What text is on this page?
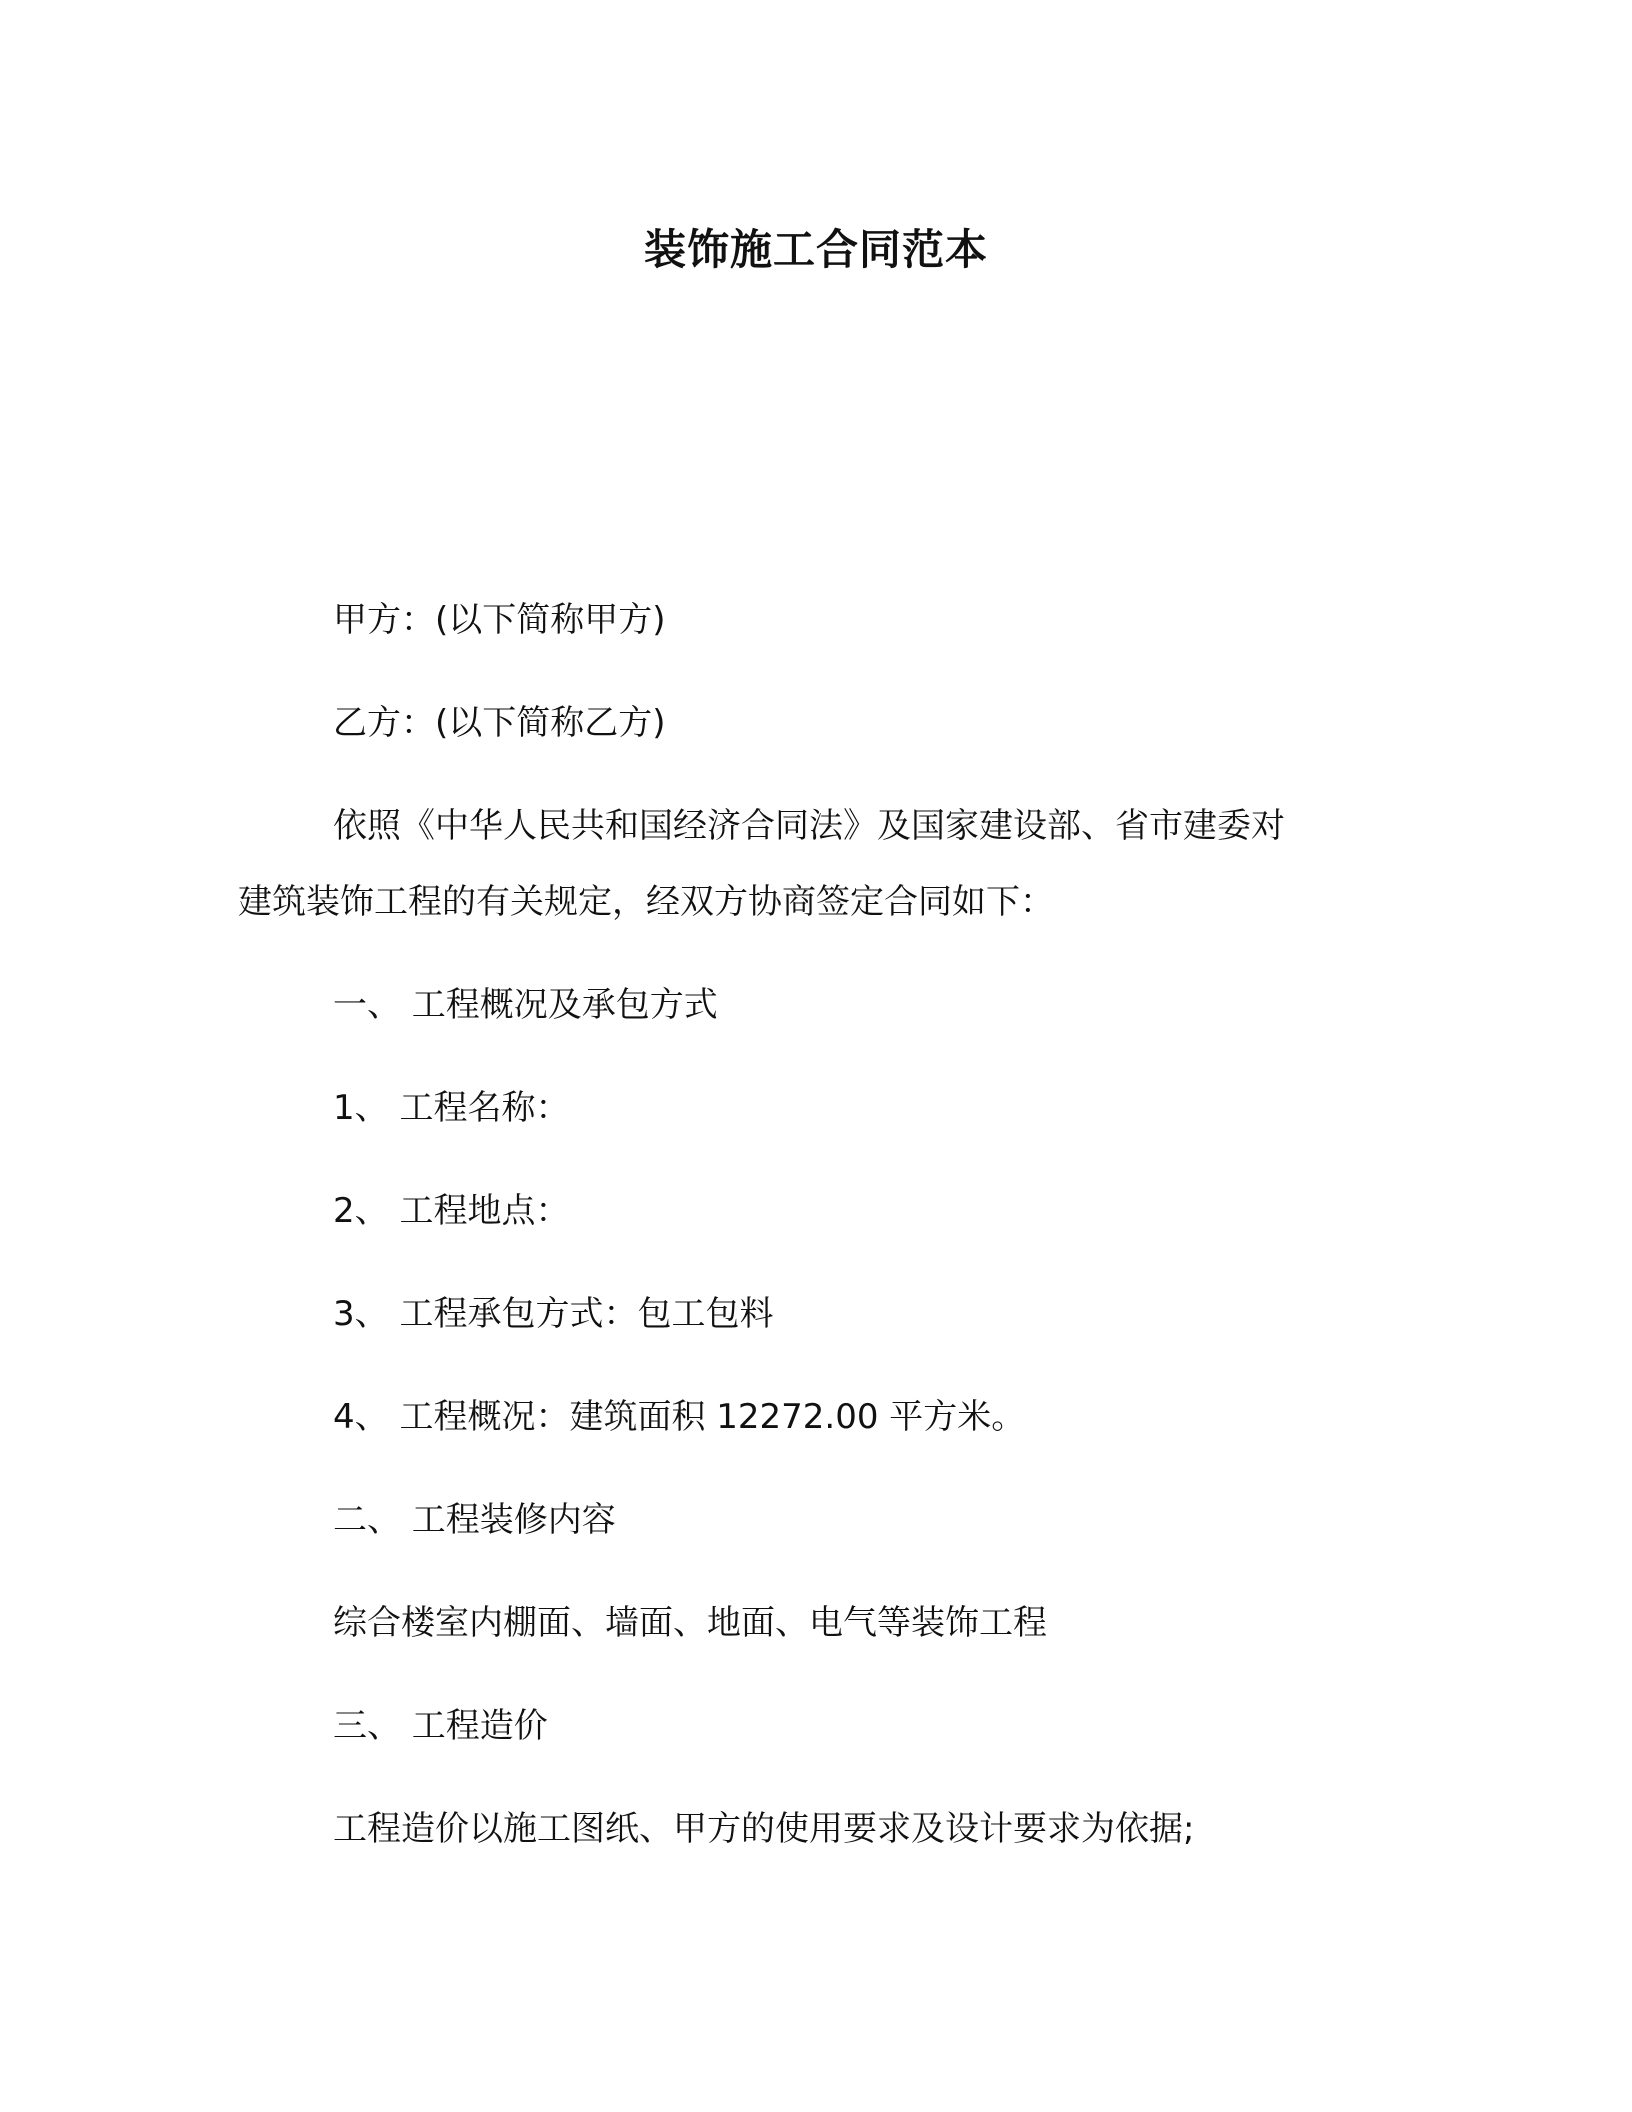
装饰施工合同范本
甲方：(以下简称甲方)
乙方：(以下简称乙方)
依照《中华人民共和国经济合同法》及国家建设部、省市建委对
建筑装饰工程的有关规定，经双方协商签定合同如下：
一、 工程概况及承包方式
1、 工程名称：
2、 工程地点：
3、 工程承包方式：包工包料
4、 工程概况：建筑面积 12272.00 平方米。
二、 工程装修内容
综合楼室内棚面、墙面、地面、电气等装饰工程
三、 工程造价
工程造价以施工图纸、甲方的使用要求及设计要求为依据;
